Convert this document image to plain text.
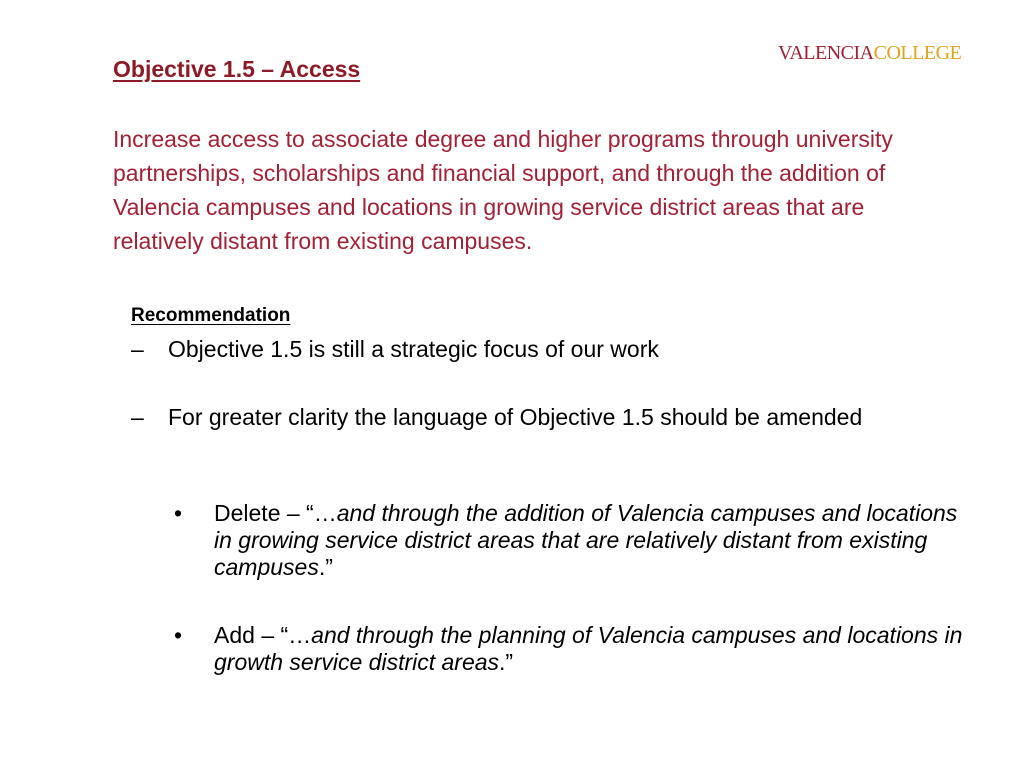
VALENCIACOLLEGE
Objective 1.5 – Access
Increase access to associate degree and higher programs through university partnerships, scholarships and financial support, and through the addition of Valencia campuses and locations in growing service district areas that are relatively distant from existing campuses.
Recommendation
– Objective 1.5 is still a strategic focus of our work
– For greater clarity the language of Objective 1.5 should be amended
• Delete – “…and through the addition of Valencia campuses and locations in growing service district areas that are relatively distant from existing campuses.”
• Add – “…and through the planning of Valencia campuses and locations in growth service district areas.”
